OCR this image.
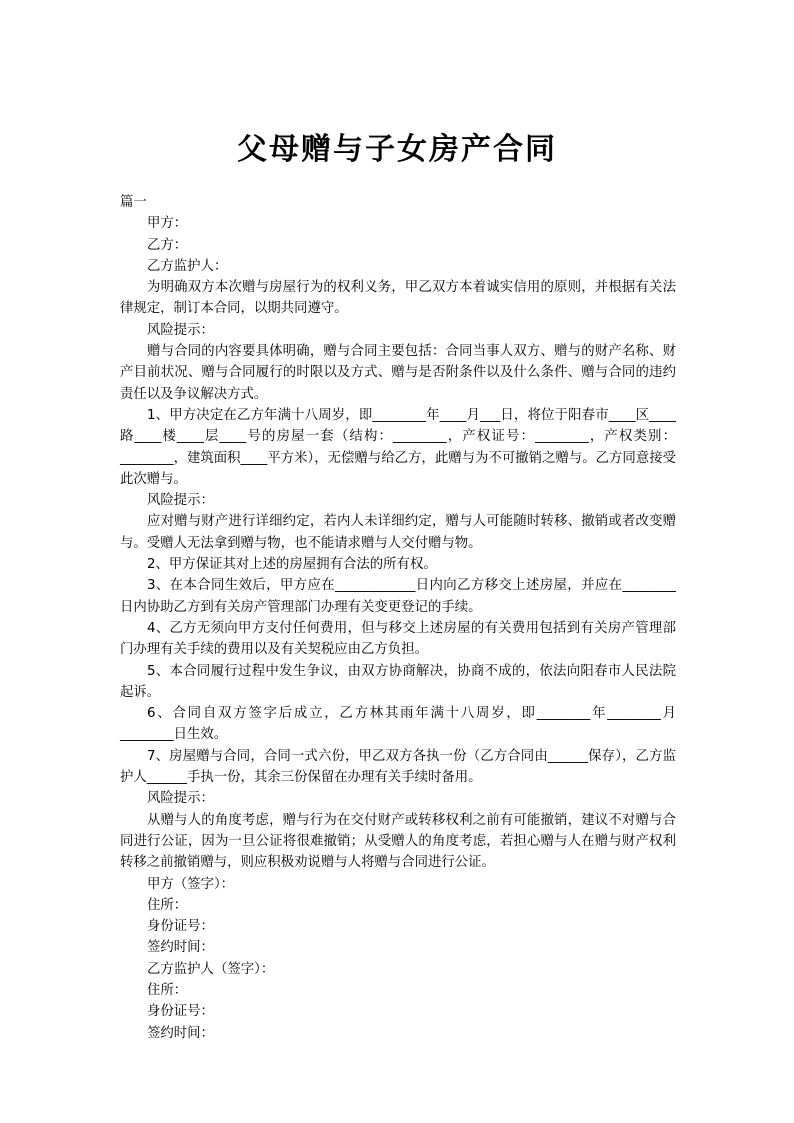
父母赠与子女房产合同

篇一

甲方：

乙方：

乙方监护人：

为明确双方本次赠与房屋行为的权利义务，甲乙双方本着诚实信用的原则，并根据有关法律规定，制订本合同，以期共同遵守。

风险提示：

赠与合同的内容要具体明确，赠与合同主要包括：合同当事人双方、赠与的财产名称、财产目前状况、赠与合同履行的时限以及方式、赠与是否附条件以及什么条件、赠与合同的违约责任以及争议解决方式。

1、甲方决定在乙方年满十八周岁，即________年____月___日，将位于阳春市____区____路____楼____层____号的房屋一套（结构：________，产权证号：________，产权类别：________，建筑面积____平方米），无偿赠与给乙方，此赠与为不可撤销之赠与。乙方同意接受此次赠与。

风险提示：

应对赠与财产进行详细约定，若内人未详细约定，赠与人可能随时转移、撤销或者改变赠与。受赠人无法拿到赠与物，也不能请求赠与人交付赠与物。

2、甲方保证其对上述的房屋拥有合法的所有权。

3、在本合同生效后，甲方应在____________日内向乙方移交上述房屋，并应在________日内协助乙方到有关房产管理部门办理有关变更登记的手续。

4、乙方无须向甲方支付任何费用，但与移交上述房屋的有关费用包括到有关房产管理部门办理有关手续的费用以及有关契税应由乙方负担。

5、本合同履行过程中发生争议，由双方协商解决，协商不成的，依法向阳春市人民法院起诉。

6、合同自双方签字后成立，乙方林其雨年满十八周岁，即________年________月________日生效。

7、房屋赠与合同，合同一式六份，甲乙双方各执一份（乙方合同由______保存），乙方监护人______手执一份，其余三份保留在办理有关手续时备用。

风险提示：

从赠与人的角度考虑，赠与行为在交付财产或转移权利之前有可能撤销，建议不对赠与合同进行公证，因为一旦公证将很难撤销；从受赠人的角度考虑，若担心赠与人在赠与财产权利转移之前撤销赠与，则应积极劝说赠与人将赠与合同进行公证。

甲方（签字）：

住所：

身份证号：

签约时间：

乙方监护人（签字）：

住所：

身份证号：

签约时间：
